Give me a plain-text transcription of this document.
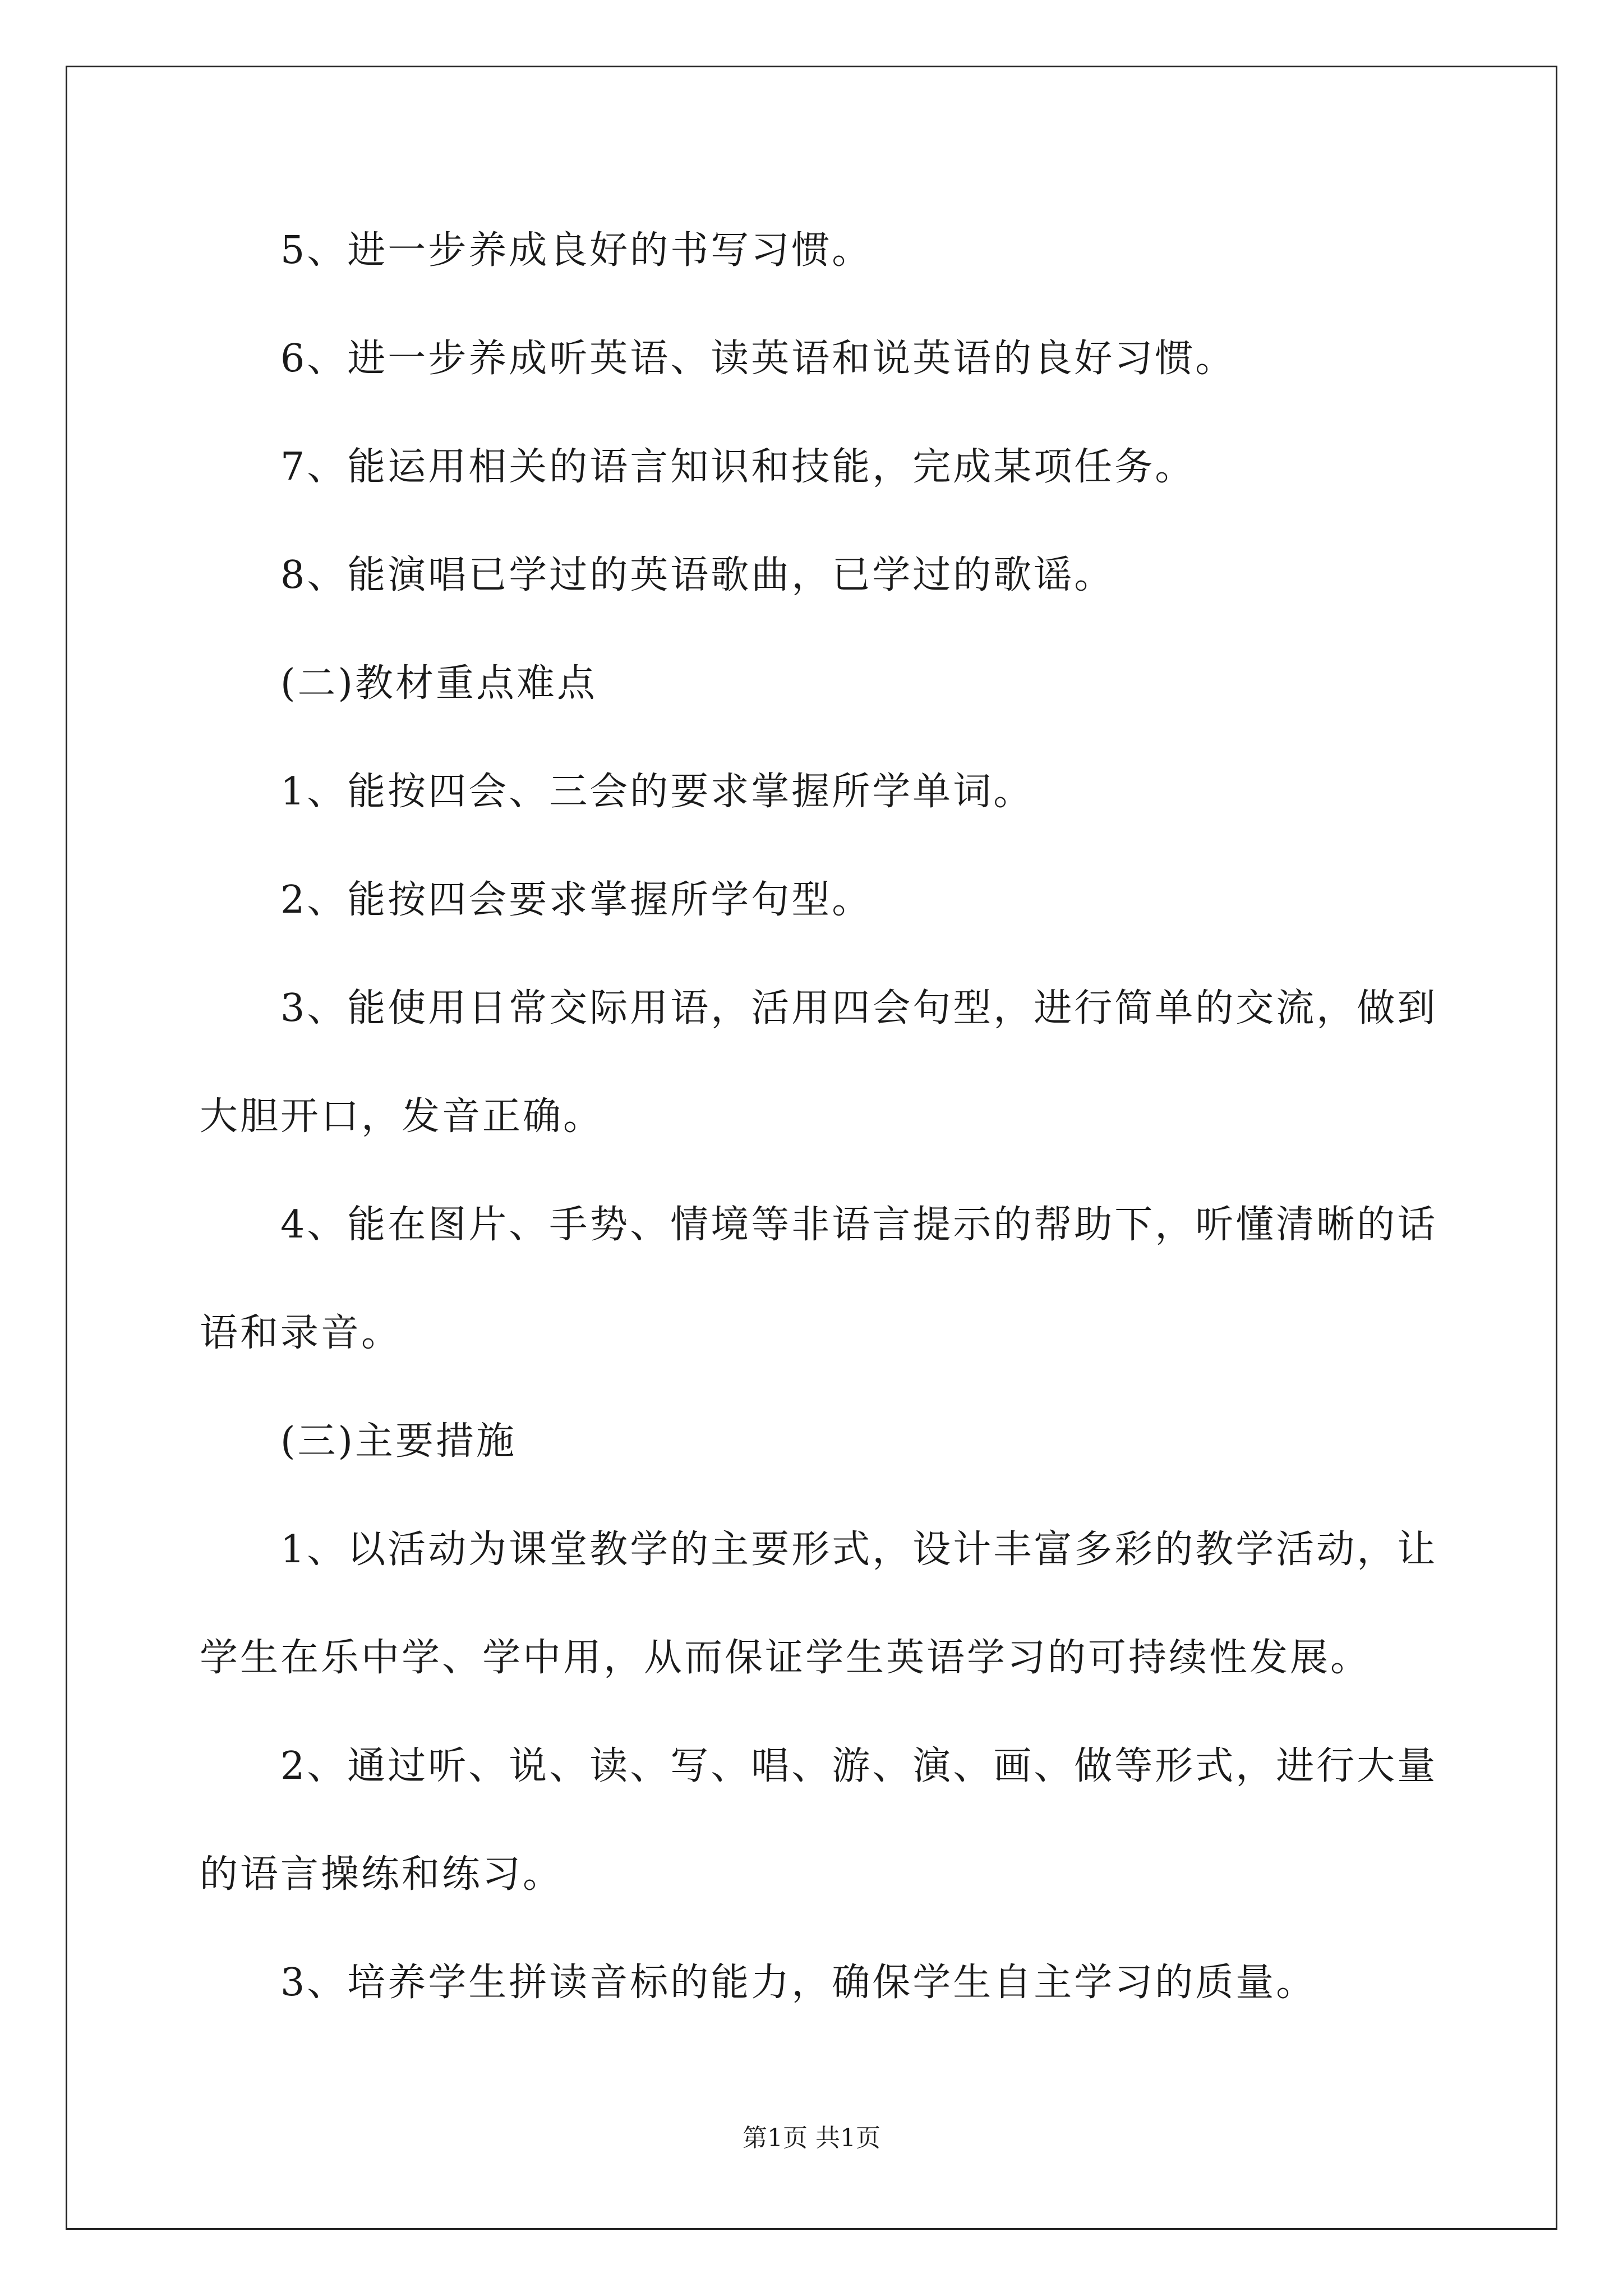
5、进一步养成良好的书写习惯。
6、进一步养成听英语、读英语和说英语的良好习惯。
7、能运用相关的语言知识和技能，完成某项任务。
8、能演唱已学过的英语歌曲，已学过的歌谣。
(二)教材重点难点
1、能按四会、三会的要求掌握所学单词。
2、能按四会要求掌握所学句型。
3、能使用日常交际用语，活用四会句型，进行简单的交流，做到
大胆开口，发音正确。
4、能在图片、手势、情境等非语言提示的帮助下，听懂清晰的话
语和录音。
(三)主要措施
1、以活动为课堂教学的主要形式，设计丰富多彩的教学活动，让
学生在乐中学、学中用，从而保证学生英语学习的可持续性发展。
2、通过听、说、读、写、唱、游、演、画、做等形式，进行大量
的语言操练和练习。
3、培养学生拼读音标的能力，确保学生自主学习的质量。
第1页 共1页
